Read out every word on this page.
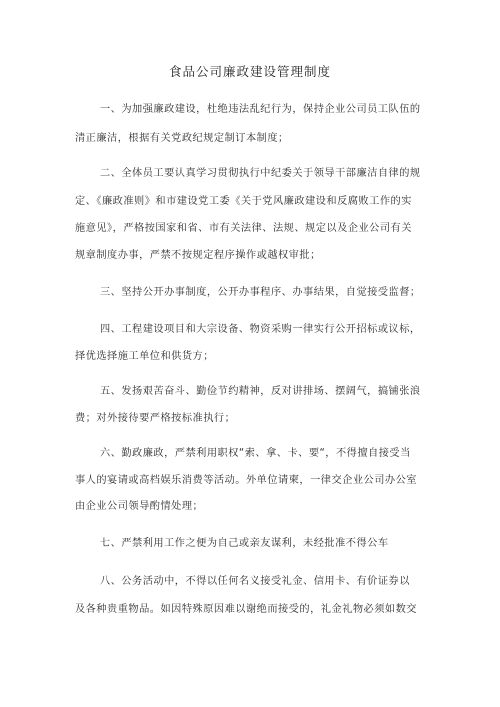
食品公司廉政建设管理制度
一、为加强廉政建设，杜绝违法乱纪行为，保持企业公司员工队伍的
清正廉洁，根据有关党政纪规定制订本制度；
二、全体员工要认真学习贯彻执行中纪委关于领导干部廉洁自律的规
定、《廉政准则》和市建设党工委《关于党风廉政建设和反腐败工作的实
施意见》，严格按国家和省、市有关法律、法规、规定以及企业公司有关
规章制度办事，严禁不按规定程序操作或越权审批；
三、坚持公开办事制度，公开办事程序、办事结果，自觉接受监督；
四、工程建设项目和大宗设备、物资采购一律实行公开招标或议标，
择优选择施工单位和供货方；
五、发扬艰苦奋斗、勤俭节约精神，反对讲排场、摆阔气，搞铺张浪
费；对外接待要严格按标准执行；
六、勤政廉政，严禁利用职权“索、拿、卡、要“，不得擅自接受当
事人的宴请或高档娱乐消费等活动。外单位请柬，一律交企业公司办公室
由企业公司领导酌情处理；
七、严禁利用工作之便为自己或亲友谋利，未经批准不得公车
八、公务活动中，不得以任何名义接受礼金、信用卡、有价证券以
及各种贵重物品。如因特殊原因难以谢绝而接受的，礼金礼物必须如数交
